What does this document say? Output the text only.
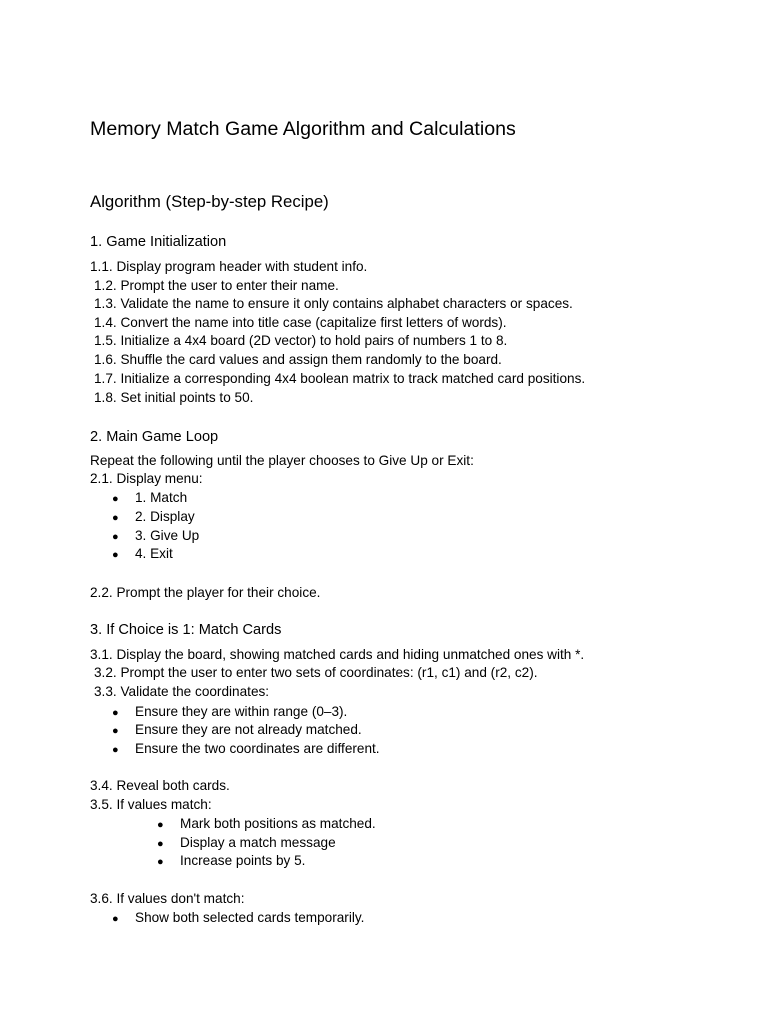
Memory Match Game Algorithm and Calculations
Algorithm (Step-by-step Recipe)
1. Game Initialization
1.1. Display program header with student info.
1.2. Prompt the user to enter their name.
1.3. Validate the name to ensure it only contains alphabet characters or spaces.
1.4. Convert the name into title case (capitalize first letters of words).
1.5. Initialize a 4x4 board (2D vector) to hold pairs of numbers 1 to 8.
1.6. Shuffle the card values and assign them randomly to the board.
1.7. Initialize a corresponding 4x4 boolean matrix to track matched card positions.
1.8. Set initial points to 50.
2. Main Game Loop
Repeat the following until the player chooses to Give Up or Exit:
2.1. Display menu:
● 1. Match
● 2. Display
● 3. Give Up
● 4. Exit
2.2. Prompt the player for their choice.
3. If Choice is 1: Match Cards
3.1. Display the board, showing matched cards and hiding unmatched ones with *.
3.2. Prompt the user to enter two sets of coordinates: (r1, c1) and (r2, c2).
3.3. Validate the coordinates:
● Ensure they are within range (0–3).
● Ensure they are not already matched.
● Ensure the two coordinates are different.
3.4. Reveal both cards.
3.5. If values match:
● Mark both positions as matched.
● Display a match message
● Increase points by 5.
3.6. If values don't match:
● Show both selected cards temporarily.
